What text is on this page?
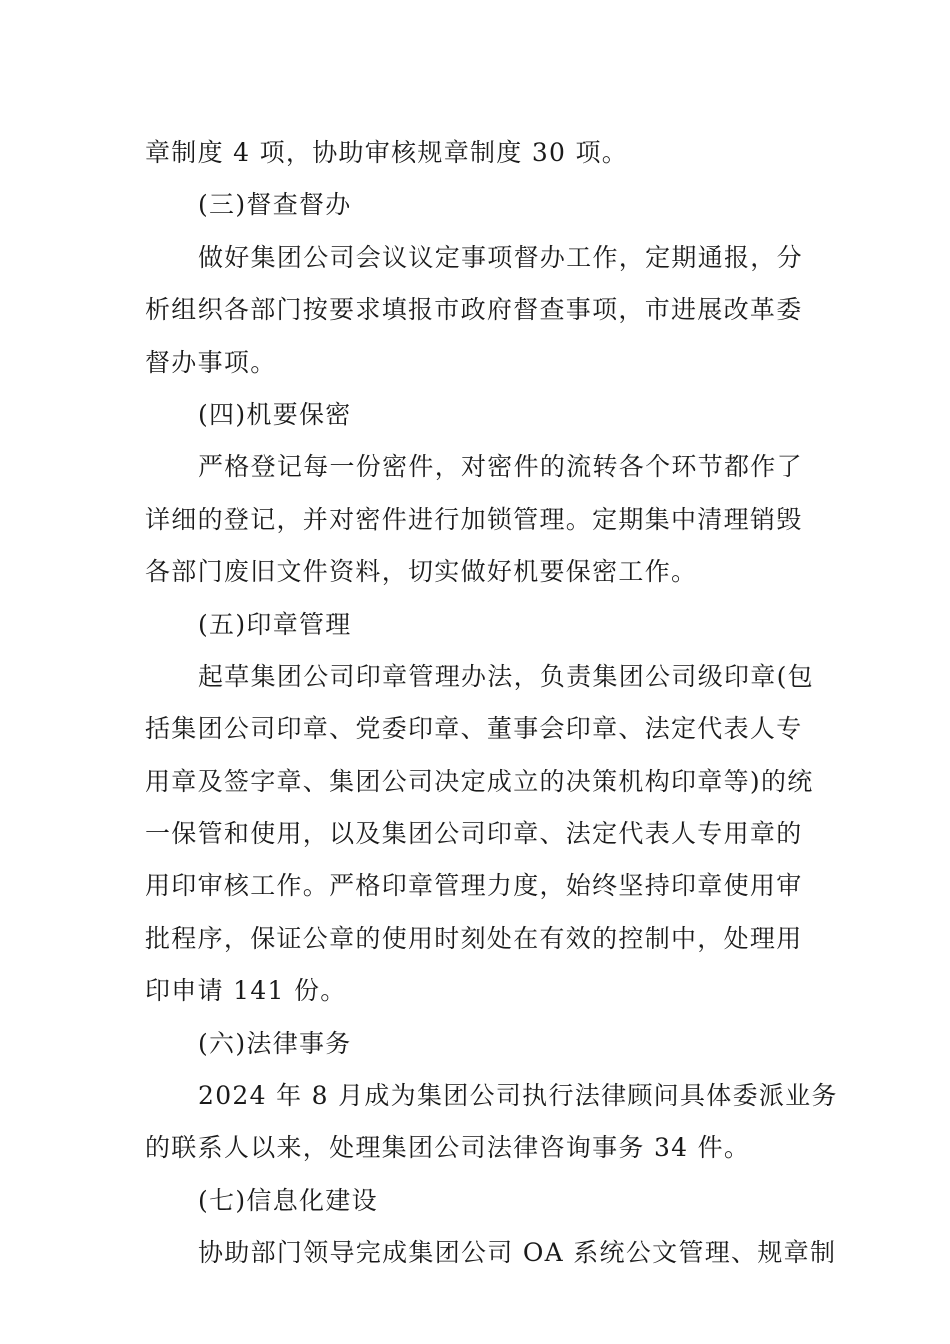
章制度 4 项，协助审核规章制度 30 项。
(三)督查督办
做好集团公司会议议定事项督办工作，定期通报，分
析组织各部门按要求填报市政府督查事项，市进展改革委
督办事项。
(四)机要保密
严格登记每一份密件，对密件的流转各个环节都作了
详细的登记，并对密件进行加锁管理。定期集中清理销毁
各部门废旧文件资料，切实做好机要保密工作。
(五)印章管理
起草集团公司印章管理办法，负责集团公司级印章(包
括集团公司印章、党委印章、董事会印章、法定代表人专
用章及签字章、集团公司决定成立的决策机构印章等)的统
一保管和使用，以及集团公司印章、法定代表人专用章的
用印审核工作。严格印章管理力度，始终坚持印章使用审
批程序，保证公章的使用时刻处在有效的控制中，处理用
印申请 141 份。
(六)法律事务
2024 年 8 月成为集团公司执行法律顾问具体委派业务
的联系人以来，处理集团公司法律咨询事务 34 件。
(七)信息化建设
协助部门领导完成集团公司 OA 系统公文管理、规章制
